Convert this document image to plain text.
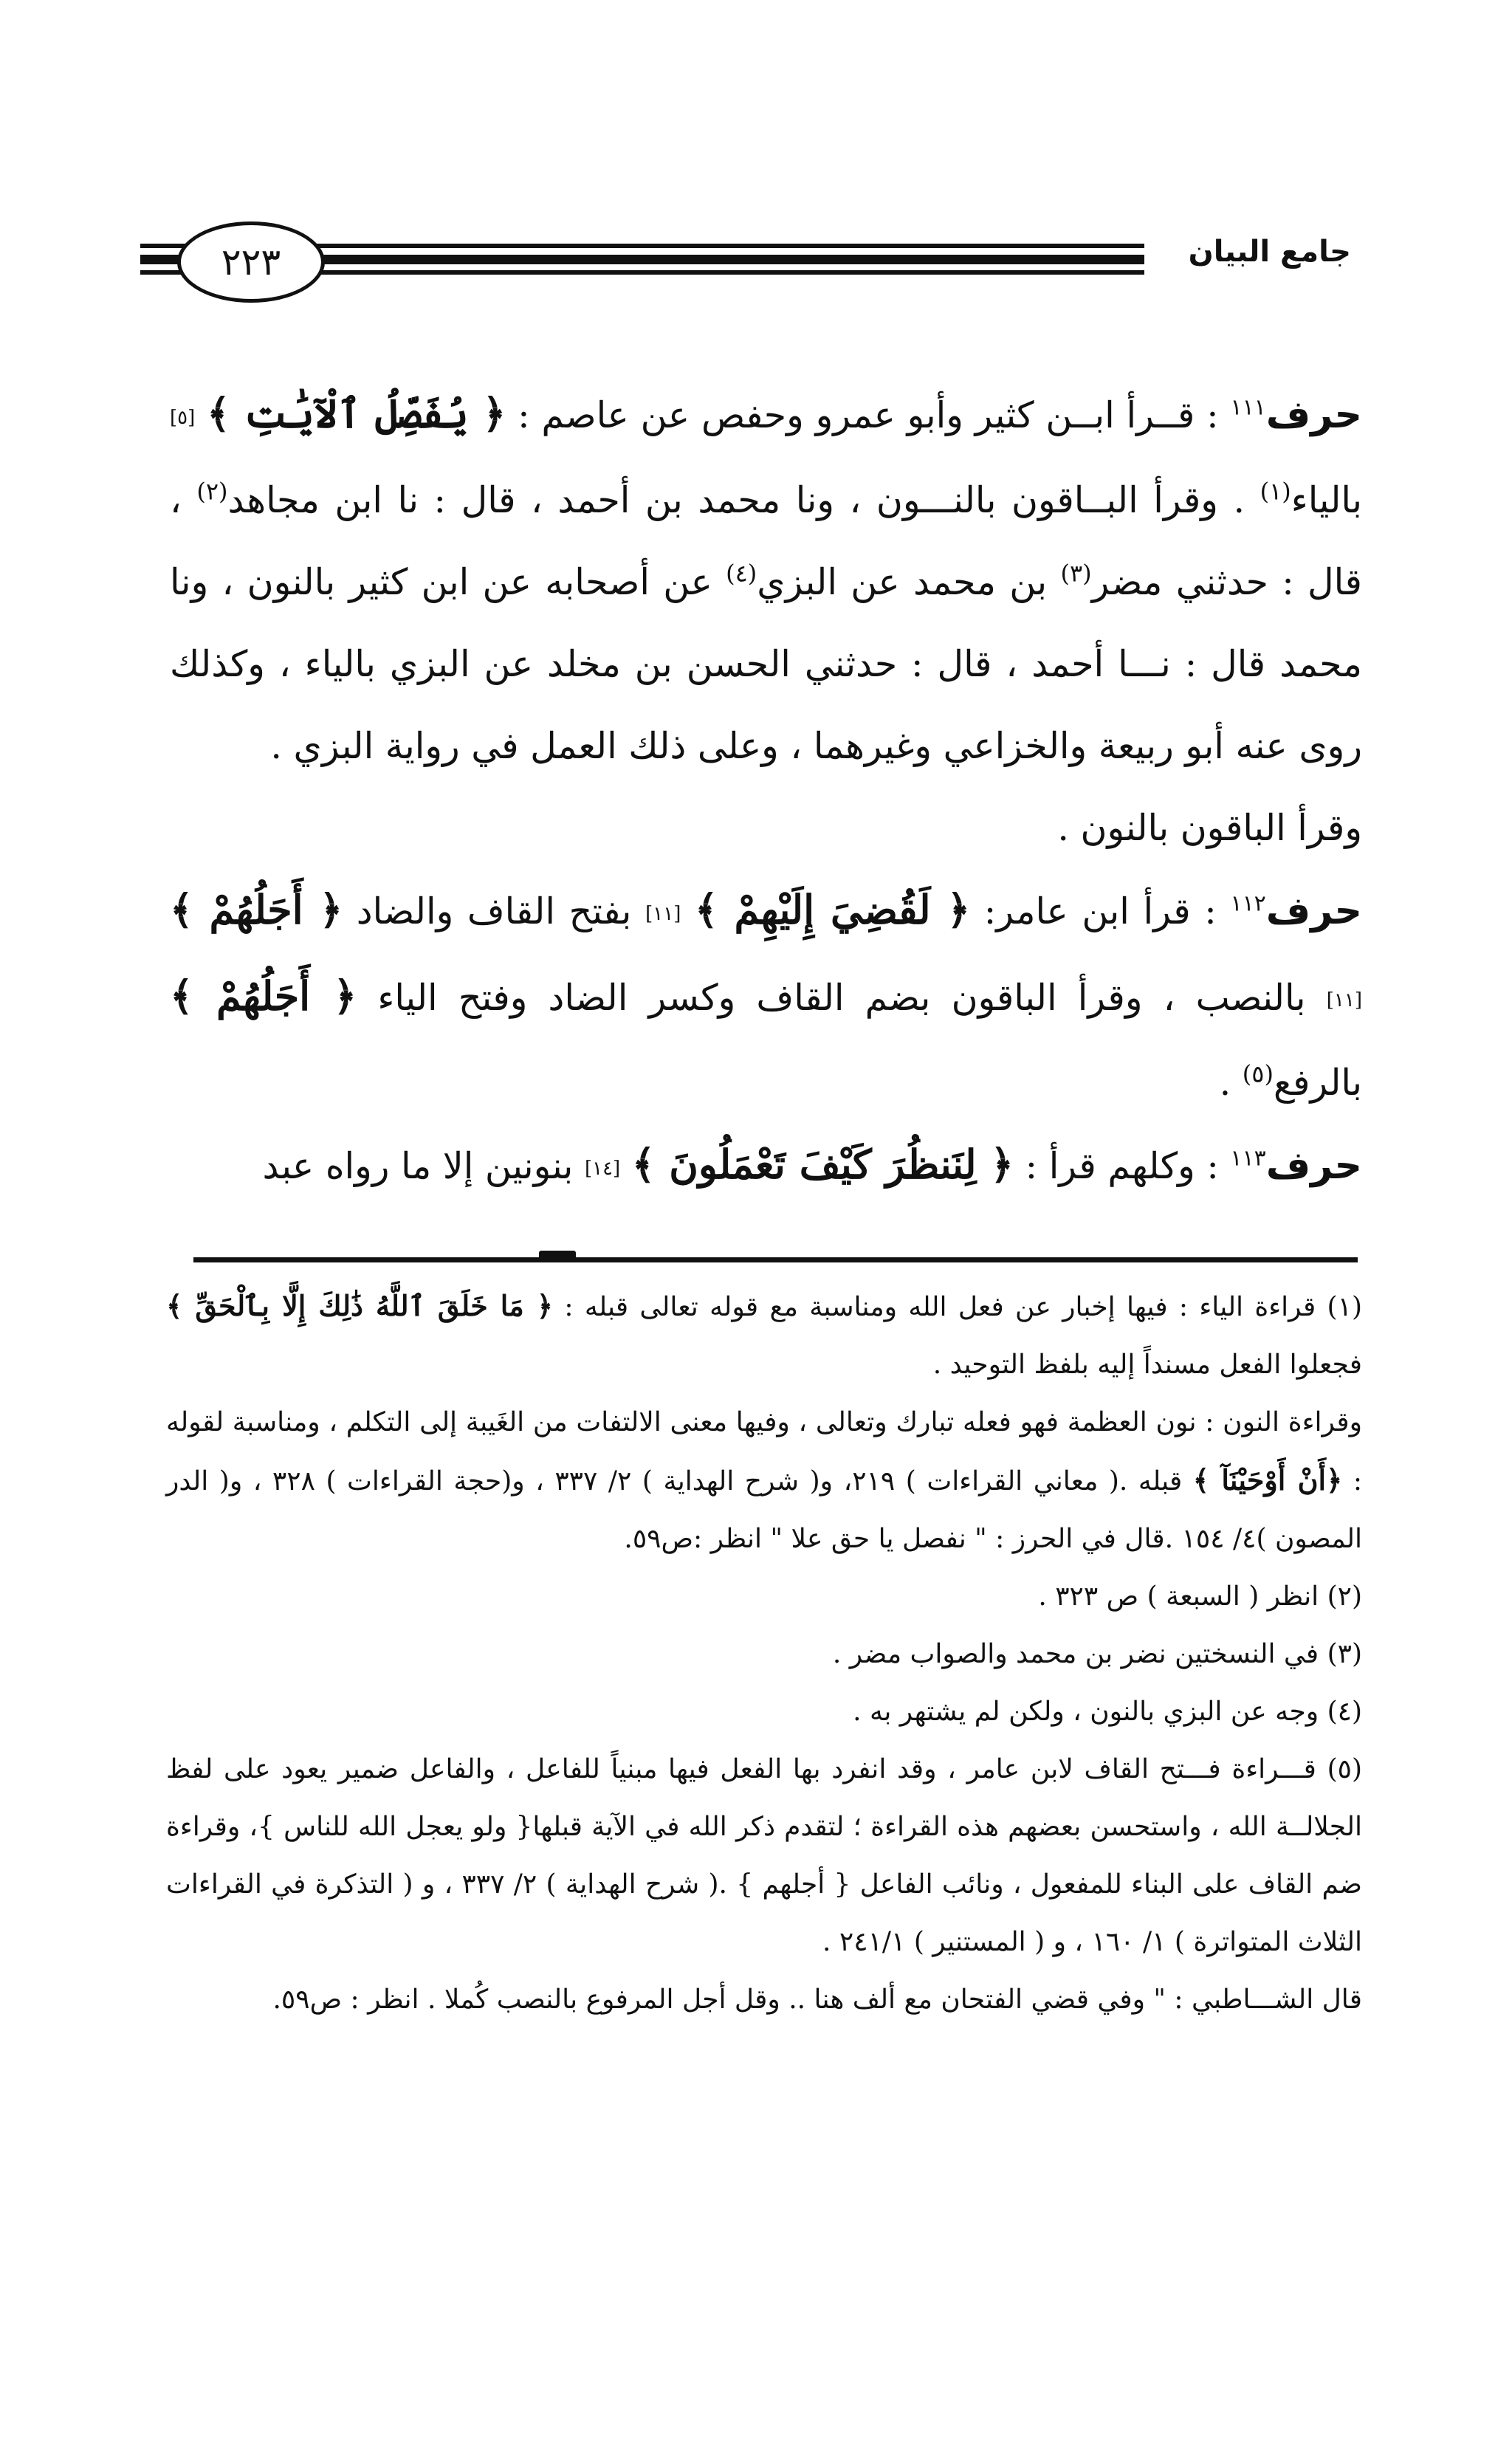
٢٢٣	جامع البيان

حرف$^{١١١}$ : قــرأ ابــن كثير وأبو عمرو وحفص عن عاصم : ﴿ يُفَصِّلُ ٱلْآيَٰتِ ﴾ [٥] بالياء$^{(١)}$ . وقرأ البــاقون بالنـــون ، ونا محمد بن أحمد ، قال : نا ابن مجاهد$^{(٢)}$ ، قال : حدثني مضر$^{(٣)}$ بن محمد عن البزي$^{(٤)}$ عن أصحابه عن ابن كثير بالنون ، ونا محمد قال : نـــا أحمد ، قال : حدثني الحسن بن مخلد عن البزي بالياء ، وكذلك روى عنه أبو ربيعة والخزاعي وغيرهما ، وعلى ذلك العمل في رواية البزي .

وقرأ الباقون بالنون .

حرف$^{١١٢}$ : قرأ ابن عامر: ﴿ لَقُضِيَ إِلَيْهِمْ ﴾ [١١] بفتح القاف والضاد ﴿ أَجَلُهُمْ ﴾ [١١] بالنصب ، وقرأ الباقون بضم القاف وكسر الضاد وفتح الياء ﴿ أَجَلُهُمْ ﴾ بالرفع$^{(٥)}$ .

حرف$^{١١٣}$ : وكلهم قرأ : ﴿ لِنَنظُرَ كَيْفَ تَعْمَلُونَ ﴾ [١٤] بنونين إلا ما رواه عبد

(١) قراءة الياء : فيها إخبار عن فعل الله ومناسبة مع قوله تعالى قبله : ﴿ مَا خَلَقَ ٱللَّهُ ذَٰلِكَ إِلَّا بِٱلْحَقِّ ﴾ فجعلوا الفعل مسنداً إليه بلفظ التوحيد .

وقراءة النون : نون العظمة فهو فعله تبارك وتعالى ، وفيها معنى الالتفات من الغَيبة إلى التكلم ، ومناسبة لقوله : ﴿أَنْ أَوْحَيْنَآ ﴾ قبله .( معاني القراءات ) ٢١٩، و( شرح الهداية ) ٢/ ٣٣٧ ، و(حجة القراءات ) ٣٢٨ ، و( الدر المصون )٤/ ١٥٤ .قال في الحرز : " نفصل يا حق علا " انظر :ص٥٩.

(٢) انظر ( السبعة ) ص ٣٢٣ .

(٣) في النسختين نضر بن محمد والصواب مضر .

(٤) وجه عن البزي بالنون ، ولكن لم يشتهر به .

(٥) قـــراءة فـــتح القاف لابن عامر ، وقد انفرد بها الفعل فيها مبنياً للفاعل ، والفاعل ضمير يعود على لفظ الجلالــة الله ، واستحسن بعضهم هذه القراءة ؛ لتقدم ذكر الله في الآية قبلها{ ولو يعجل الله للناس }، وقراءة ضم القاف على البناء للمفعول ، ونائب الفاعل { أجلهم } .( شرح الهداية ) ٢/ ٣٣٧ ، و ( التذكرة في القراءات الثلاث المتواترة ) ١/ ١٦٠ ، و ( المستنير ) ٢٤١/١ .

قال الشـــاطبي : " وفي قضي الفتحان مع ألف هنا .. وقل أجل المرفوع بالنصب كُملا . انظر : ص٥٩.
